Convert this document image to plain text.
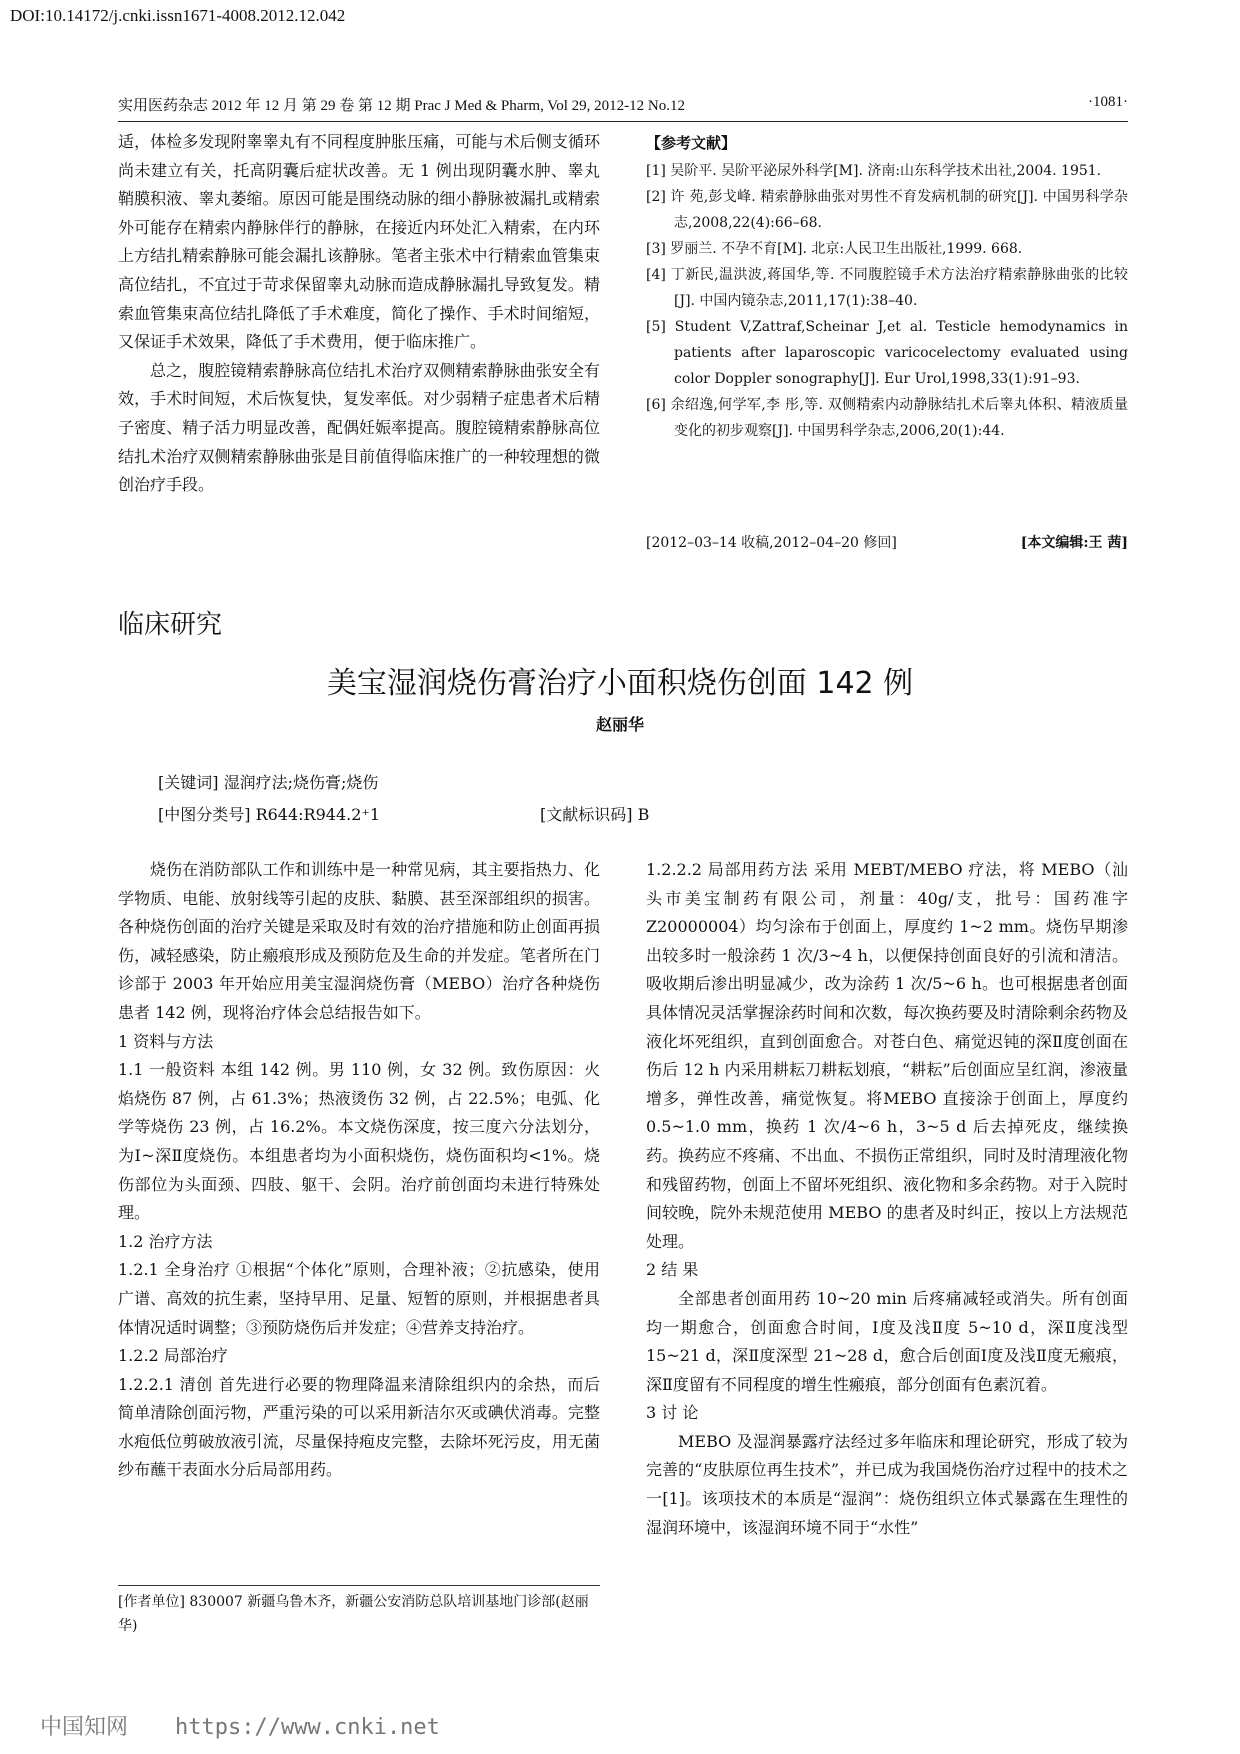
DOI:10.14172/j.cnki.issn1671-4008.2012.12.042
实用医药杂志 2012 年 12 月 第 29 卷 第 12 期 Prac J Med & Pharm, Vol 29, 2012-12 No.12	·1081·

适，体检多发现附睾睾丸有不同程度肿胀压痛，可能与术后侧支循环尚未建立有关，托高阴囊后症状改善。无 1 例出现阴囊水肿、睾丸鞘膜积液、睾丸萎缩。原因可能是围绕动脉的细小静脉被漏扎或精索外可能存在精索内静脉伴行的静脉，在接近内环处汇入精索，在内环上方结扎精索静脉可能会漏扎该静脉。笔者主张术中行精索血管集束高位结扎，不宜过于苛求保留睾丸动脉而造成静脉漏扎导致复发。精索血管集束高位结扎降低了手术难度，简化了操作、手术时间缩短，又保证手术效果，降低了手术费用，便于临床推广。

总之，腹腔镜精索静脉高位结扎术治疗双侧精索静脉曲张安全有效，手术时间短，术后恢复快，复发率低。对少弱精子症患者术后精子密度、精子活力明显改善，配偶妊娠率提高。腹腔镜精索静脉高位结扎术治疗双侧精索静脉曲张是目前值得临床推广的一种较理想的微创治疗手段。

【参考文献】
[1] 吴阶平. 吴阶平泌尿外科学[M]. 济南:山东科学技术出社,2004. 1951.
[2] 许 苑,彭戈峰. 精索静脉曲张对男性不育发病机制的研究[J]. 中国男科学杂志,2008,22(4):66–68.
[3] 罗丽兰. 不孕不育[M]. 北京:人民卫生出版社,1999. 668.
[4] 丁新民,温洪波,蒋国华,等. 不同腹腔镜手术方法治疗精索静脉曲张的比较[J]. 中国内镜杂志,2011,17(1):38–40.
[5] Student V,Zattraf,Scheinar J,et al. Testicle hemodynamics in patients after laparoscopic varicocelectomy evaluated using color Doppler sonography[J]. Eur Urol,1998,33(1):91–93.
[6] 余绍逸,何学军,李 彤,等. 双侧精索内动静脉结扎术后睾丸体积、精液质量变化的初步观察[J]. 中国男科学杂志,2006,20(1):44.
[2012–03–14 收稿,2012–04–20 修回]	[本文编辑:王 茜]
临床研究
美宝湿润烧伤膏治疗小面积烧伤创面 142 例
赵丽华
[关键词] 湿润疗法;烧伤膏;烧伤
[中图分类号] R644:R944.2⁺1	[文献标识码] B

烧伤在消防部队工作和训练中是一种常见病，其主要指热力、化学物质、电能、放射线等引起的皮肤、黏膜、甚至深部组织的损害。各种烧伤创面的治疗关键是采取及时有效的治疗措施和防止创面再损伤，减轻感染，防止瘢痕形成及预防危及生命的并发症。笔者所在门诊部于 2003 年开始应用美宝湿润烧伤膏（MEBO）治疗各种烧伤患者 142 例，现将治疗体会总结报告如下。

1 资料与方法

1.1 一般资料 本组 142 例。男 110 例，女 32 例。致伤原因：火焰烧伤 87 例，占 61.3%；热液烫伤 32 例，占 22.5%；电弧、化学等烧伤 23 例，占 16.2%。本文烧伤深度，按三度六分法划分，为Ⅰ~深Ⅱ度烧伤。本组患者均为小面积烧伤，烧伤面积均<1%。烧伤部位为头面颈、四肢、躯干、会阴。治疗前创面均未进行特殊处理。

1.2 治疗方法

1.2.1 全身治疗 ①根据“个体化”原则，合理补液；②抗感染，使用广谱、高效的抗生素，坚持早用、足量、短暂的原则，并根据患者具体情况适时调整；③预防烧伤后并发症；④营养支持治疗。

1.2.2 局部治疗

1.2.2.1 清创 首先进行必要的物理降温来清除组织内的余热，而后简单清除创面污物，严重污染的可以采用新洁尔灭或碘伏消毒。完整水疱低位剪破放液引流，尽量保持疱皮完整，去除坏死污皮，用无菌纱布蘸干表面水分后局部用药。

1.2.2.2 局部用药方法 采用 MEBT/MEBO 疗法，将 MEBO（汕头市美宝制药有限公司，剂量：40g/支，批号：国药准字 Z20000004）均匀涂布于创面上，厚度约 1~2 mm。烧伤早期渗出较多时一般涂药 1 次/3~4 h，以便保持创面良好的引流和清洁。吸收期后渗出明显减少，改为涂药 1 次/5~6 h。也可根据患者创面具体情况灵活掌握涂药时间和次数，每次换药要及时清除剩余药物及液化坏死组织，直到创面愈合。对苍白色、痛觉迟钝的深Ⅱ度创面在伤后 12 h 内采用耕耘刀耕耘划痕，“耕耘”后创面应呈红润，渗液量增多，弹性改善，痛觉恢复。将MEBO 直接涂于创面上，厚度约 0.5~1.0 mm，换药 1 次/4~6 h，3~5 d 后去掉死皮，继续换药。换药应不疼痛、不出血、不损伤正常组织，同时及时清理液化物和残留药物，创面上不留坏死组织、液化物和多余药物。对于入院时间较晚，院外未规范使用 MEBO 的患者及时纠正，按以上方法规范处理。

2 结 果

全部患者创面用药 10~20 min 后疼痛减轻或消失。所有创面均一期愈合，创面愈合时间，Ⅰ度及浅Ⅱ度 5~10 d，深Ⅱ度浅型 15~21 d，深Ⅱ度深型 21~28 d，愈合后创面Ⅰ度及浅Ⅱ度无瘢痕，深Ⅱ度留有不同程度的增生性瘢痕，部分创面有色素沉着。

3 讨 论

MEBO 及湿润暴露疗法经过多年临床和理论研究，形成了较为完善的“皮肤原位再生技术”，并已成为我国烧伤治疗过程中的技术之一[1]。该项技术的本质是“湿润”：烧伤组织立体式暴露在生理性的湿润环境中，该湿润环境不同于“水性”

[作者单位] 830007 新疆乌鲁木齐，新疆公安消防总队培训基地门诊部(赵丽华)
中国知网 https://www.cnki.net
